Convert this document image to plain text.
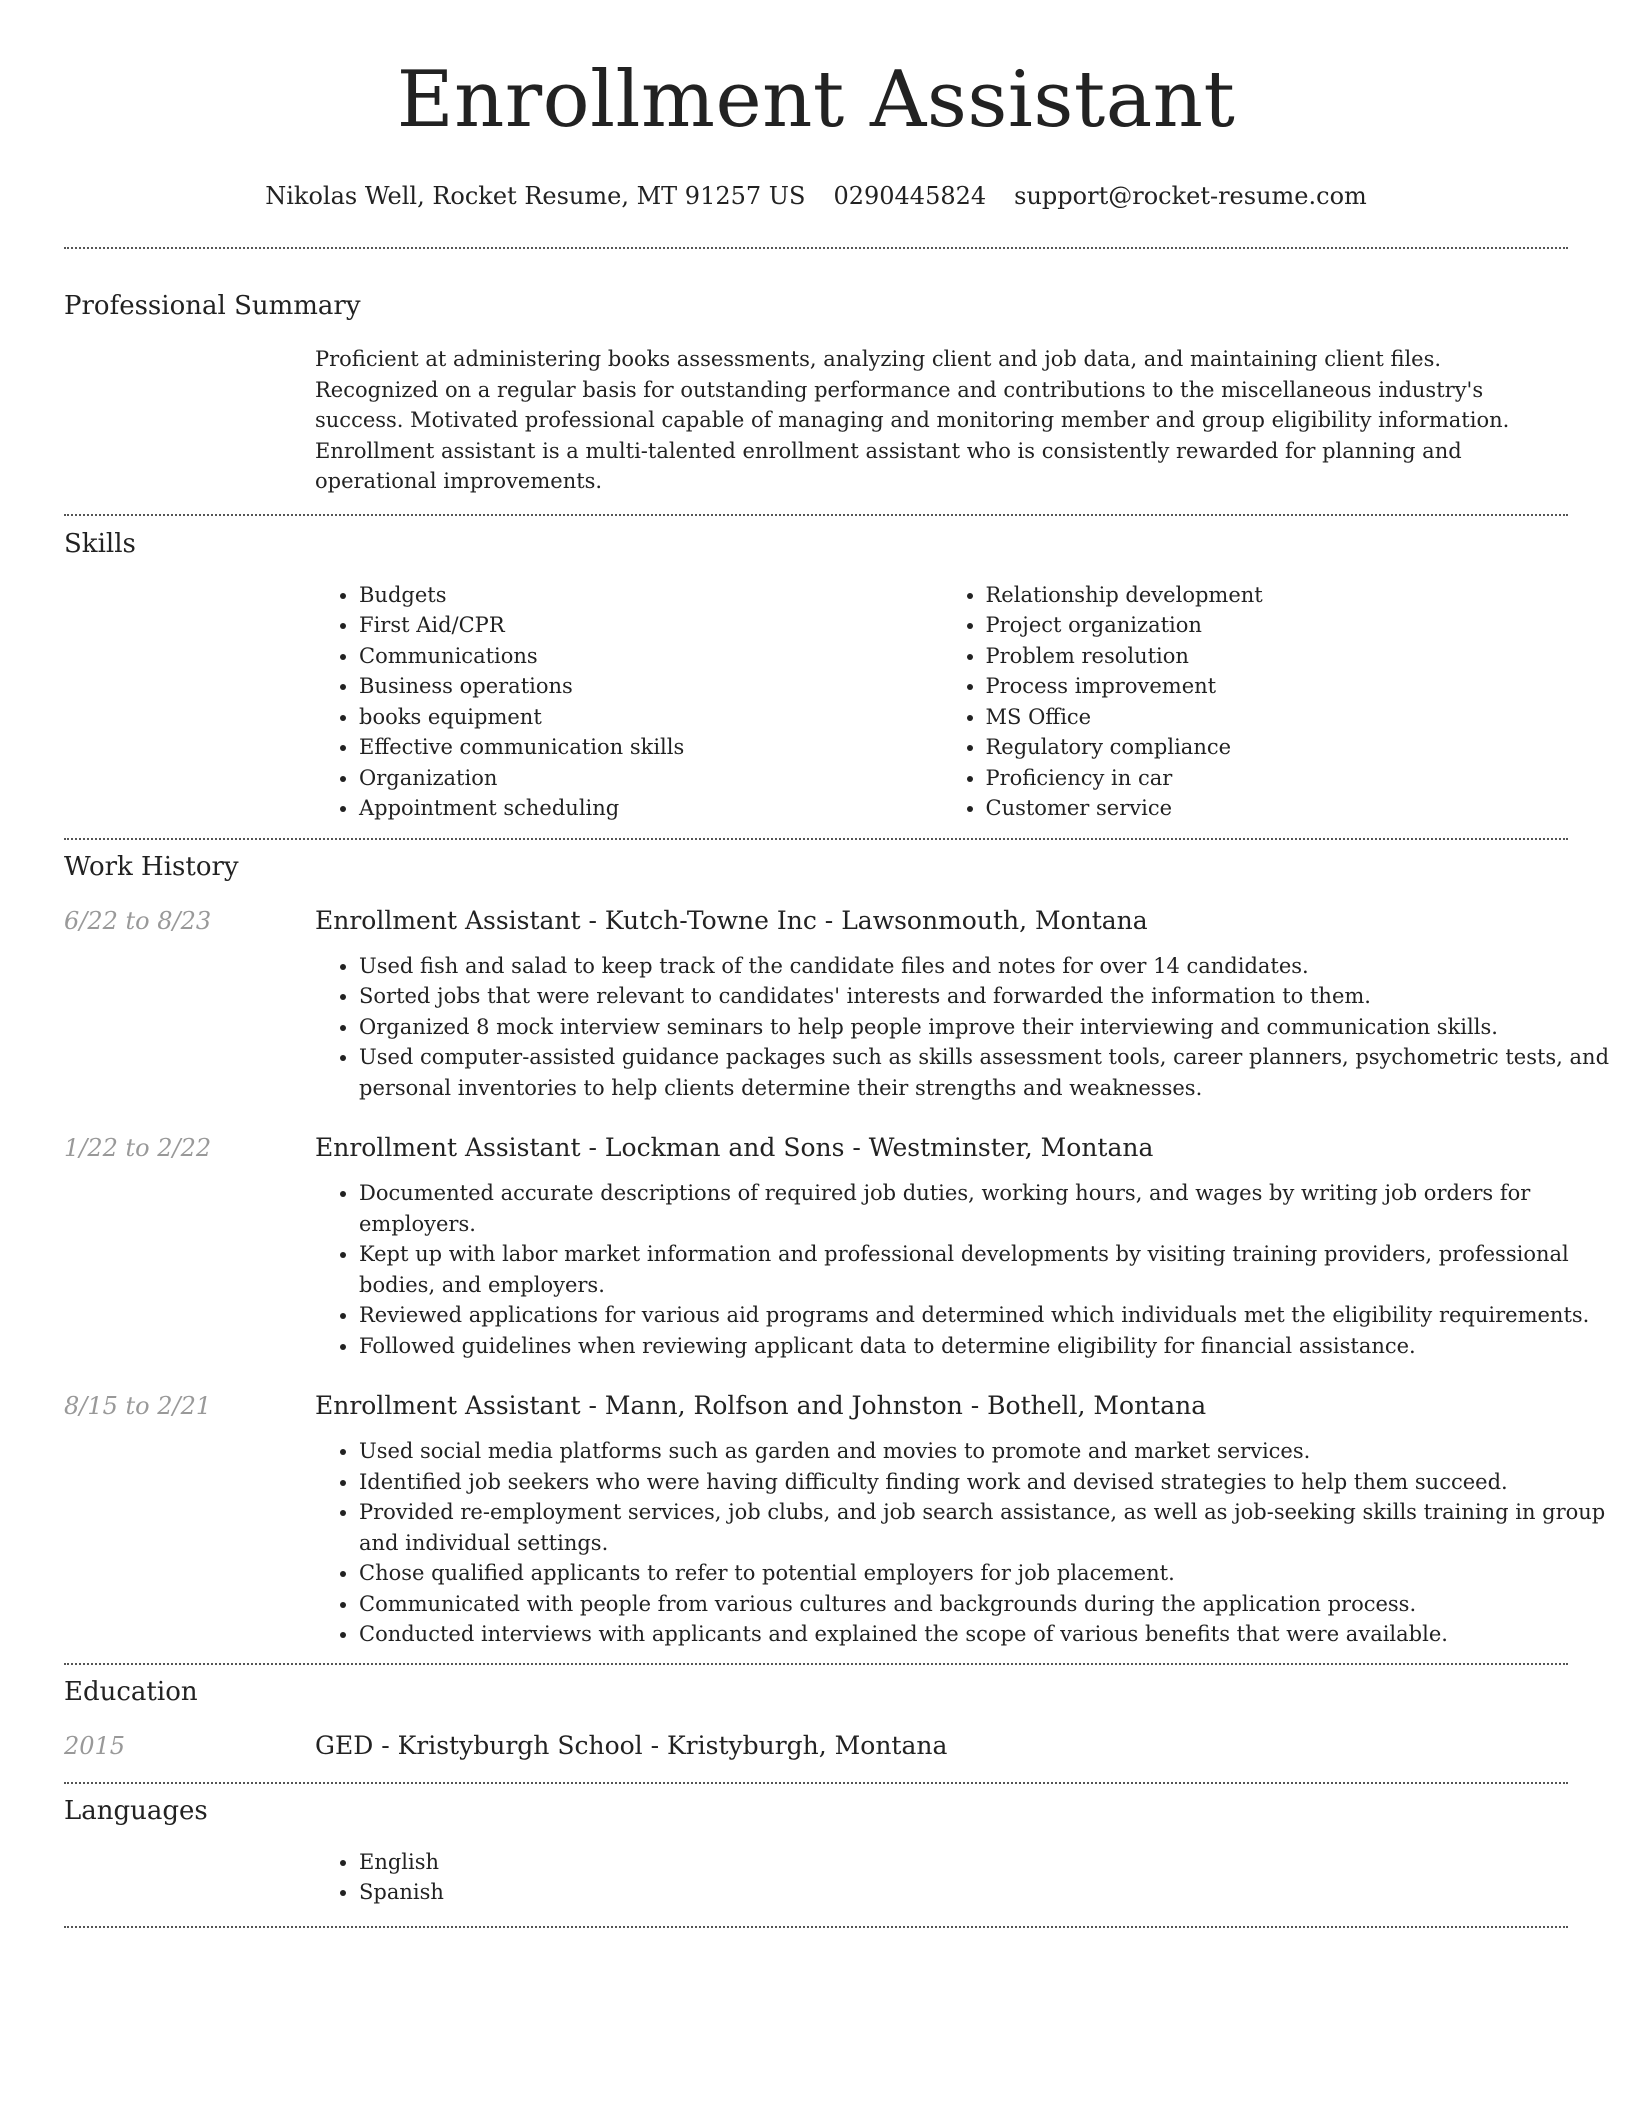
Enrollment Assistant
Nikolas Well, Rocket Resume, MT 91257 US 0290445824 support@rocket-resume.com
Professional Summary

Proficient at administering books assessments, analyzing client and job data, and maintaining client files. Recognized on a regular basis for outstanding performance and contributions to the miscellaneous industry's success. Motivated professional capable of managing and monitoring member and group eligibility information. Enrollment assistant is a multi-talented enrollment assistant who is consistently rewarded for planning and operational improvements.

Skills
• Budgets
• First Aid/CPR
• Communications
• Business operations
• books equipment
• Effective communication skills
• Organization
• Appointment scheduling
• Relationship development
• Project organization
• Problem resolution
• Process improvement
• MS Office
• Regulatory compliance
• Proficiency in car
• Customer service
Work History
6/22 to 8/23	Enrollment Assistant - Kutch-Towne Inc - Lawsonmouth, Montana
• Used fish and salad to keep track of the candidate files and notes for over 14 candidates.
• Sorted jobs that were relevant to candidates' interests and forwarded the information to them.
• Organized 8 mock interview seminars to help people improve their interviewing and communication skills.
• Used computer-assisted guidance packages such as skills assessment tools, career planners, psychometric tests, and personal inventories to help clients determine their strengths and weaknesses.
1/22 to 2/22	Enrollment Assistant - Lockman and Sons - Westminster, Montana
• Documented accurate descriptions of required job duties, working hours, and wages by writing job orders for employers.
• Kept up with labor market information and professional developments by visiting training providers, professional bodies, and employers.
• Reviewed applications for various aid programs and determined which individuals met the eligibility requirements.
• Followed guidelines when reviewing applicant data to determine eligibility for financial assistance.
8/15 to 2/21	Enrollment Assistant - Mann, Rolfson and Johnston - Bothell, Montana
• Used social media platforms such as garden and movies to promote and market services.
• Identified job seekers who were having difficulty finding work and devised strategies to help them succeed.
• Provided re-employment services, job clubs, and job search assistance, as well as job-seeking skills training in group and individual settings.
• Chose qualified applicants to refer to potential employers for job placement.
• Communicated with people from various cultures and backgrounds during the application process.
• Conducted interviews with applicants and explained the scope of various benefits that were available.
Education
2015	GED - Kristyburgh School - Kristyburgh, Montana
Languages
• English
• Spanish
